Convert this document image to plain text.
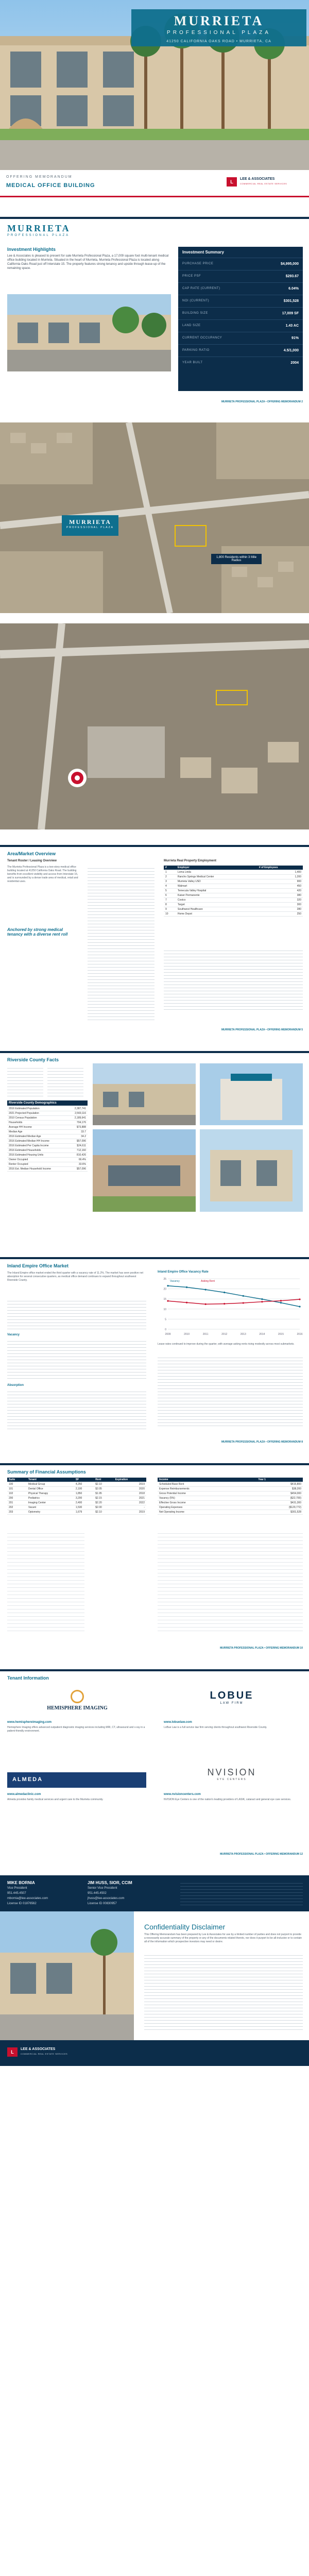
MURRIETA
PROFESSIONAL PLAZA
41250 CALIFORNIA OAKS ROAD • MURRIETA, CA
OFFERING MEMORANDUM
MEDICAL OFFICE BUILDING
L
LEE & ASSOCIATES
COMMERCIAL REAL ESTATE SERVICES
MURRIETA
PROFESSIONAL PLAZA
Investment Highlights
Lee & Associates is pleased to present for sale Murrieta Professional Plaza, a 17,009 square foot multi-tenant medical office building located in Murrieta. Situated in the heart of Murrieta, Murrieta Professional Plaza is located along California Oaks Road just off Interstate 15. The property features strong tenancy and upside through lease-up of the remaining space.
Investment Summary
PURCHASE PRICE	$4,995,000
PRICE PSF	$293.67
CAP RATE (CURRENT)	6.04%
NOI (CURRENT)	$301,528
BUILDING SIZE	17,009 SF
LAND SIZE	1.43 AC
CURRENT OCCUPANCY	91%
PARKING RATIO	4.5/1,000
YEAR BUILT	2004
MURRIETA PROFESSIONAL PLAZA • OFFERING MEMORANDUM 2
MURRIETA
PROFESSIONAL PLAZA
1,800 Residents within 3 Mile Radius
Area/Market Overview
Tenant Roster / Leasing Overview
The Murrieta Professional Plaza is a two-story medical office building located at 41250 California Oaks Road. The building benefits from excellent visibility and access from Interstate 15, and is surrounded by a dense trade area of medical, retail and residential uses.
Anchored by strong medical tenancy with a diverse rent roll
Murrieta Real Property Employment
#	Employer	# of Employees
1	Loma Linda	1,400
2	Rancho Springs Medical Center	1,200
3	Murrieta Valley USD	900
4	Walmart	450
5	Temecula Valley Hospital	420
6	Kaiser Permanente	380
7	Costco	320
8	Target	300
9	Southwest Healthcare	280
10	Home Depot	250
MURRIETA PROFESSIONAL PLAZA • OFFERING MEMORANDUM 5
Riverside County Facts
Riverside County Demographics
2016 Estimated Population	2,387,741
2021 Projected Population	2,569,116
2010 Census Population	2,189,641
Households	704,176
Average HH Income	$73,888
Median Age	33.7
2016 Estimated Median Age	34.2
2016 Estimated Median HH Income	$57,096
2016 Estimated Per Capita Income	$24,611
2016 Estimated Households	712,160
2016 Estimated Housing Units	810,426
Owner Occupied	66.4%
Renter Occupied	33.6%
2016 Est. Median Household Income	$57,096
Inland Empire Office Market
The Inland Empire office market ended the third quarter with a vacancy rate of 11.2%. The market has seen positive net absorption for several consecutive quarters, as medical office demand continues to expand throughout southwest Riverside County.
Vacancy
Absorption
Inland Empire Office Vacancy Rate
0
5
10
15
20
25
2009	2010	2011	2012	2013	2014	2015	2016
Vacancy	Asking Rent
Lease rates continued to improve during the quarter, with average asking rents rising modestly across most submarkets.
MURRIETA PROFESSIONAL PLAZA • OFFERING MEMORANDUM 8
Summary of Financial Assumptions
Suite	Tenant	SF	Rent	Expiration
100	Medical Group	4,250	$2.10	2019
101	Dental Office	2,100	$2.05	2020
102	Physical Therapy	1,850	$1.95	2018
200	Pediatrics	3,200	$2.15	2021
201	Imaging Center	2,400	$2.20	2022
202	Vacant	1,530	$2.00	-
203	Optometry	1,679	$2.10	2019
Income	Year 1
Scheduled Base Rent	$415,800
Expense Reimbursements	$38,200
Gross Potential Income	$454,000
Vacancy (5%)	($22,700)
Effective Gross Income	$431,300
Operating Expenses	($129,772)
Net Operating Income	$301,528
MURRIETA PROFESSIONAL PLAZA • OFFERING MEMORANDUM 10
Tenant Information
HEMISPHERE IMAGING
www.hemisphereimaging.com
Hemisphere Imaging offers advanced outpatient diagnostic imaging services including MRI, CT, ultrasound and x-ray in a patient-friendly environment.
LOBUE
LAW FIRM
www.lobuelaw.com
LoBue Law is a full service law firm serving clients throughout southwest Riverside County.
ALMEDA
www.almedaclinic.com
Almeda provides family medical services and urgent care to the Murrieta community.
NVISION
EYE CENTERS
www.nvisioncenters.com
NVISION Eye Centers is one of the nation's leading providers of LASIK, cataract and general eye care services.
MURRIETA PROFESSIONAL PLAZA • OFFERING MEMORANDUM 12
MIKE BORNIA
Vice President
951.445.4507
mbornia@lee-associates.com
License ID 01876562
JIM HUSS, SIOR, CCIM
Senior Vice President
951.445.4502
jhuss@lee-associates.com
License ID 00830957
Confidentiality Disclaimer
This Offering Memorandum has been prepared by Lee & Associates for use by a limited number of parties and does not purport to provide a necessarily accurate summary of the property or any of the documents related thereto, nor does it purport to be all-inclusive or to contain all of the information which prospective investors may need or desire.
L
LEE & ASSOCIATES
COMMERCIAL REAL ESTATE SERVICES
